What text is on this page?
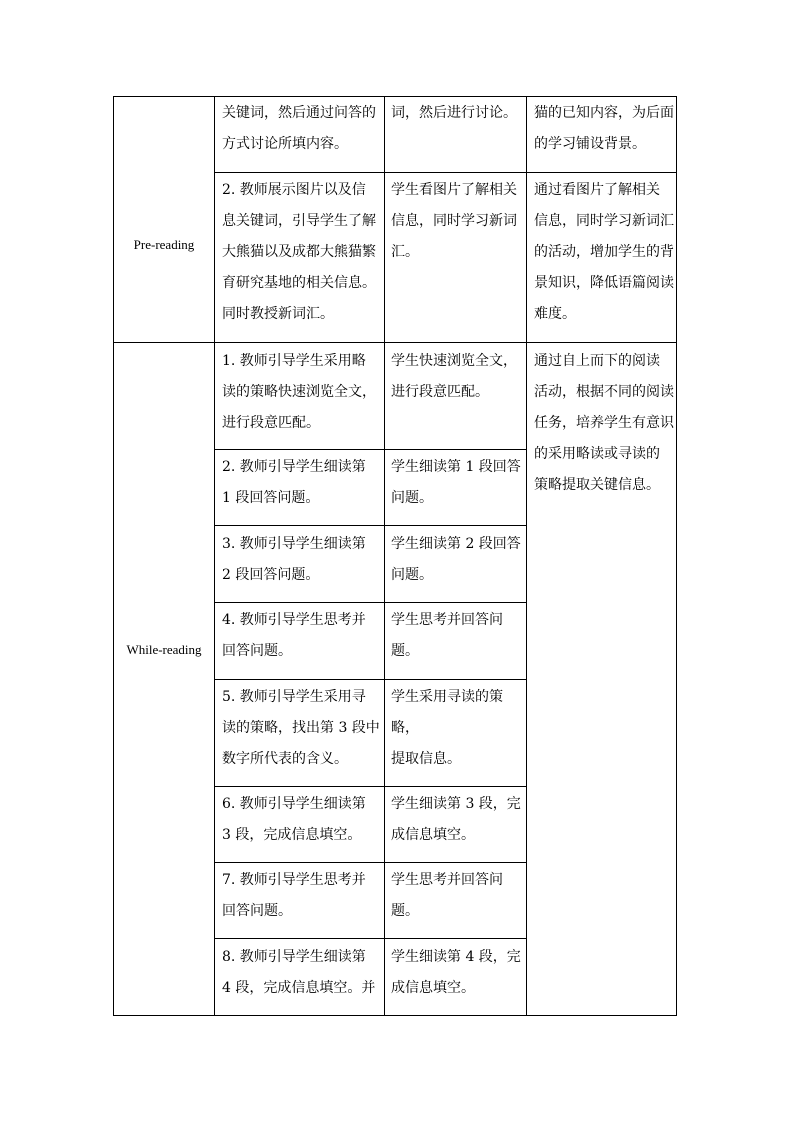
Pre-reading
关键词，然后通过问答的
方式讨论所填内容。
词，然后进行讨论。	猫的已知内容，为后面
的学习铺设背景。
2. 教师展示图片以及信
息关键词，引导学生了解
大熊猫以及成都大熊猫繁
育研究基地的相关信息。
同时教授新词汇。
学生看图片了解相关
信息，同时学习新词
汇。
通过看图片了解相关
信息，同时学习新词汇
的活动，增加学生的背
景知识，降低语篇阅读
难度。
While-reading
通过自上而下的阅读
活动，根据不同的阅读
任务，培养学生有意识
的采用略读或寻读的
策略提取关键信息。
1. 教师引导学生采用略
读的策略快速浏览全文，
进行段意匹配。
学生快速浏览全文，
进行段意匹配。
2. 教师引导学生细读第
1 段回答问题。
学生细读第 1 段回答
问题。
3. 教师引导学生细读第
2 段回答问题。
学生细读第 2 段回答
问题。
4. 教师引导学生思考并
回答问题。
学生思考并回答问题。
5. 教师引导学生采用寻
读的策略，找出第 3 段中
数字所代表的含义。
学生采用寻读的策略，
提取信息。
6. 教师引导学生细读第
3 段，完成信息填空。
学生细读第 3 段，完
成信息填空。
7. 教师引导学生思考并
回答问题。
学生思考并回答问题。
8. 教师引导学生细读第
4 段，完成信息填空。并
学生细读第 4 段，完
成信息填空。
